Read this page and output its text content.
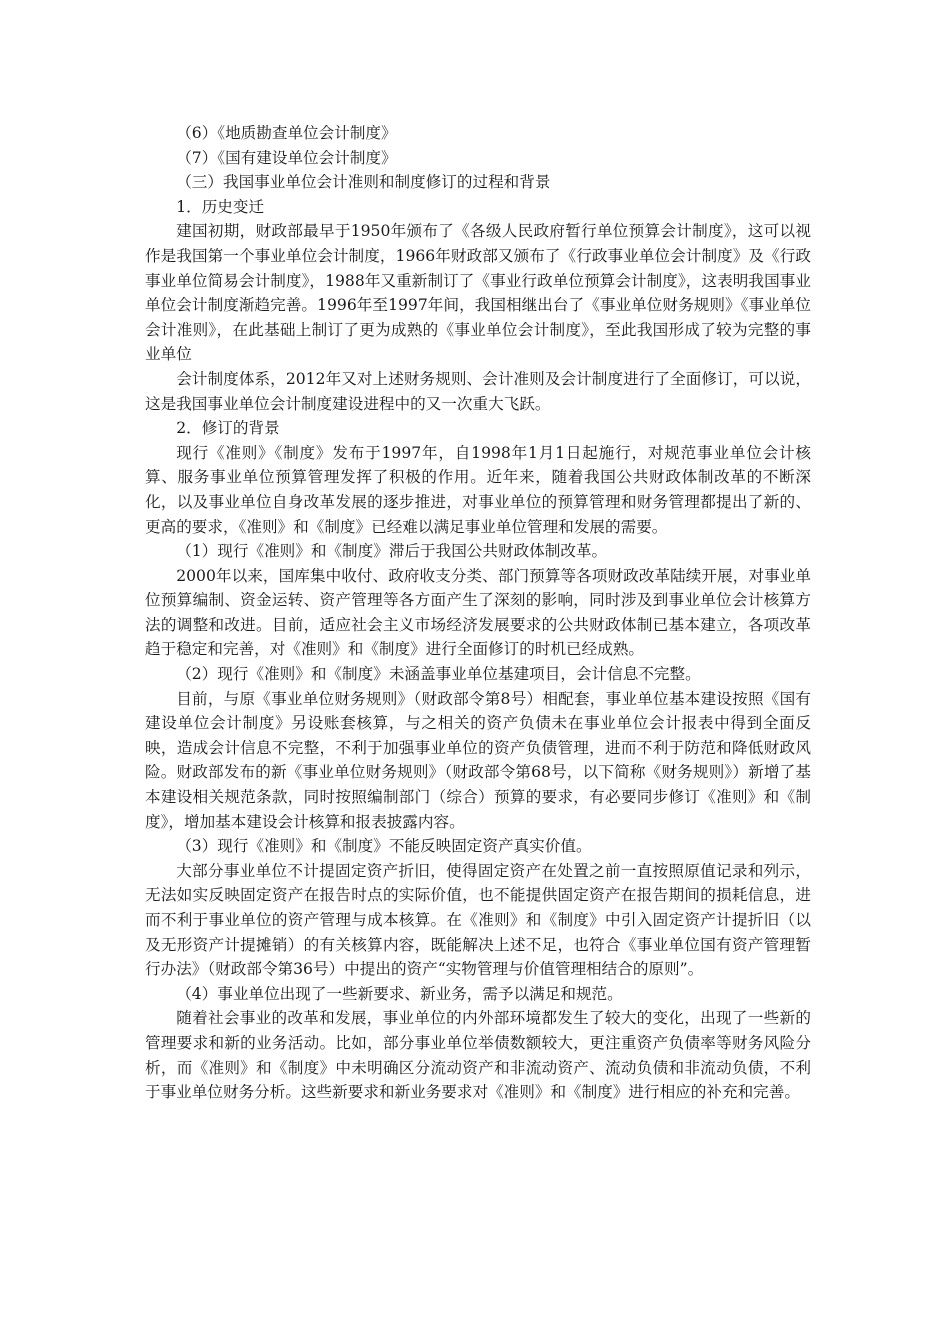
（6）《地质勘查单位会计制度》

（7）《国有建设单位会计制度》

（三）我国事业单位会计准则和制度修订的过程和背景

1．历史变迁

建国初期，财政部最早于1950年颁布了《各级人民政府暂行单位预算会计制度》，这可以视作是我国第一个事业单位会计制度，1966年财政部又颁布了《行政事业单位会计制度》及《行政事业单位简易会计制度》，1988年又重新制订了《事业行政单位预算会计制度》，这表明我国事业单位会计制度渐趋完善。1996年至1997年间，我国相继出台了《事业单位财务规则》《事业单位会计准则》，在此基础上制订了更为成熟的《事业单位会计制度》，至此我国形成了较为完整的事业单位

会计制度体系，2012年又对上述财务规则、会计准则及会计制度进行了全面修订，可以说，这是我国事业单位会计制度建设进程中的又一次重大飞跃。

2．修订的背景

现行《准则》《制度》发布于1997年，自1998年1月1日起施行，对规范事业单位会计核算、服务事业单位预算管理发挥了积极的作用。近年来，随着我国公共财政体制改革的不断深化，以及事业单位自身改革发展的逐步推进，对事业单位的预算管理和财务管理都提出了新的、更高的要求，《准则》和《制度》已经难以满足事业单位管理和发展的需要。

（1）现行《准则》和《制度》滞后于我国公共财政体制改革。

2000年以来，国库集中收付、政府收支分类、部门预算等各项财政改革陆续开展，对事业单位预算编制、资金运转、资产管理等各方面产生了深刻的影响，同时涉及到事业单位会计核算方法的调整和改进。目前，适应社会主义市场经济发展要求的公共财政体制已基本建立，各项改革趋于稳定和完善，对《准则》和《制度》进行全面修订的时机已经成熟。

（2）现行《准则》和《制度》未涵盖事业单位基建项目，会计信息不完整。

目前，与原《事业单位财务规则》（财政部令第8号）相配套，事业单位基本建设按照《国有建设单位会计制度》另设账套核算，与之相关的资产负债未在事业单位会计报表中得到全面反映，造成会计信息不完整，不利于加强事业单位的资产负债管理，进而不利于防范和降低财政风险。财政部发布的新《事业单位财务规则》（财政部令第68号，以下简称《财务规则》）新增了基本建设相关规范条款，同时按照编制部门（综合）预算的要求，有必要同步修订《准则》和《制度》，增加基本建设会计核算和报表披露内容。

（3）现行《准则》和《制度》不能反映固定资产真实价值。

大部分事业单位不计提固定资产折旧，使得固定资产在处置之前一直按照原值记录和列示，无法如实反映固定资产在报告时点的实际价值，也不能提供固定资产在报告期间的损耗信息，进而不利于事业单位的资产管理与成本核算。在《准则》和《制度》中引入固定资产计提折旧（以及无形资产计提摊销）的有关核算内容，既能解决上述不足，也符合《事业单位国有资产管理暂行办法》（财政部令第36号）中提出的资产“实物管理与价值管理相结合的原则”。

（4）事业单位出现了一些新要求、新业务，需予以满足和规范。

随着社会事业的改革和发展，事业单位的内外部环境都发生了较大的变化，出现了一些新的管理要求和新的业务活动。比如，部分事业单位举债数额较大，更注重资产负债率等财务风险分析，而《准则》和《制度》中未明确区分流动资产和非流动资产、流动负债和非流动负债，不利于事业单位财务分析。这些新要求和新业务要求对《准则》和《制度》进行相应的补充和完善。
